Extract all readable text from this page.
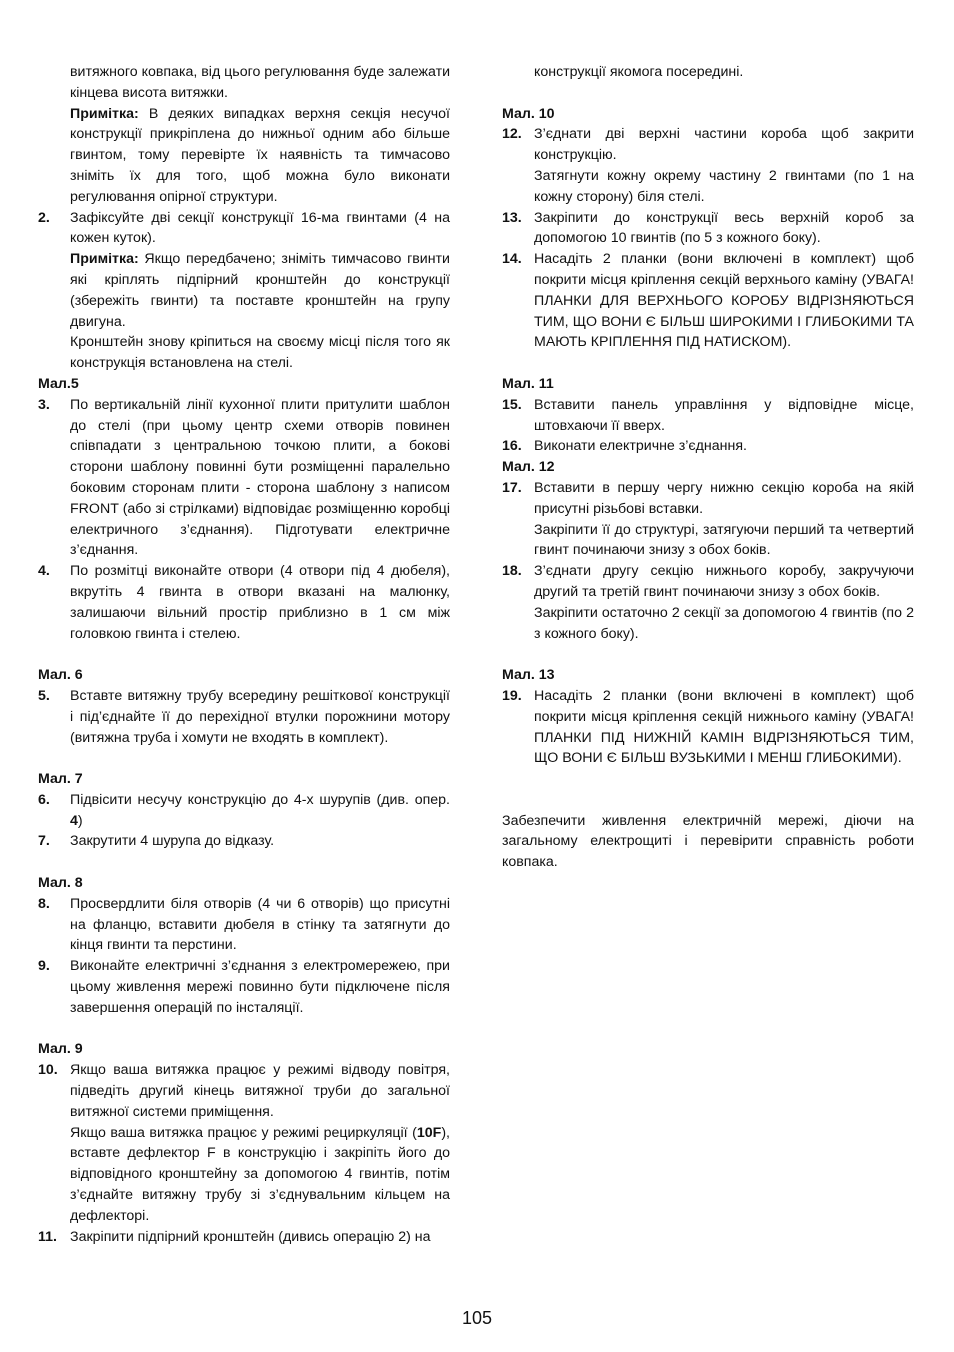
витяжного ковпака, від цього регулювання буде залежати кінцева висота витяжки.

Примітка: В деяких випадках верхня секція несучої конструкції прикріплена до нижньої одним або більше гвинтом, тому перевірте їх наявність та тимчасово зніміть їх для того, щоб можна було виконати регулювання опірної структури.

2. Зафіксуйте дві секції конструкції 16-ма гвинтами (4 на кожен куток).

Примітка: Якщо передбачено; зніміть тимчасово гвинти які кріплять підпірний кронштейн до конструкції (збережіть гвинти) та поставте кронштейн на групу двигуна.

Кронштейн знову кріпиться на своєму місці після того як конструкція встановлена на стелі.

Мал.5

3. По вертикальній лінії кухонної плити притулити шаблон до стелі (при цьому центр схеми отворів повинен співпадати з центральною точкою плити, а бокові сторони шаблону повинні бути розміщенні паралельно боковим сторонам плити - сторона шаблону з написом FRONT (або зі стрілками) відповідає розміщенню коробці електричного з’єднання). Підготувати електричне з’єднання.
4. По розмітці виконайте отвори (4 отвори під 4 дюбеля), вкрутіть 4 гвинта в отвори вказані на малюнку, залишаючи вільний простір приблизно в 1 см між головкою гвинта і стелею.

Мал. 6

5. Вставте витяжну трубу всередину решіткової конструкції і під’єднайте її до перехідної втулки порожнини мотору (витяжна труба і хомути не входять в комплект).

Мал. 7

6. Підвісити несучу конструкцію до 4-х шурупів (див. опер. 4)
7. Закрутити 4 шурупа до відказу.

Мал. 8

8. Просвердлити біля отворів (4 чи 6 отворів) що присутні на фланцю, вставити дюбеля в стінку та затягнути до кінця гвинти та перстини.
9. Виконайте електричні з’єднання з електромережею, при цьому живлення мережі повинно бути підключене після завершення операцій по інсталяції.

Мал. 9

10. Якщо ваша витяжка працює у режимі відводу повітря, підведіть другий кінець витяжної труби до загальної витяжної системи приміщення.

Якщо ваша витяжка працює у режимі рециркуляції (10F), вставте дефлектор F в конструкцію і закріпіть його до відповідного кронштейну за допомогою 4 гвинтів, потім з’єднайте витяжну трубу зі з’єднувальним кільцем на дефлекторі.

11. Закріпити підпірний кронштейн (дивись операцію 2) на

конструкції якомога посередині.

Мал. 10

12. З’єднати дві верхні частини короба щоб закрити конструкцію.

Затягнути кожну окрему частину 2 гвинтами (по 1 на кожну сторону) біля стелі.

13. Закріпити до конструкції весь верхній короб за допомогою 10 гвинтів (по 5 з кожного боку).
14. Насадіть 2 планки (вони включені в комплект) щоб покрити місця кріплення секцій верхнього каміну (УВАГА! ПЛАНКИ ДЛЯ ВЕРХНЬОГО КОРОБУ ВІДРІЗНЯЮТЬСЯ ТИМ, ЩО ВОНИ Є БІЛЬШ ШИРОКИМИ І ГЛИБОКИМИ ТА МАЮТЬ КРІПЛЕННЯ ПІД НАТИСКОМ).

Мал. 11

15. Вставити панель управління у відповідне місце, штовхаючи її вверх.
16. Виконати електричне з’єднання.

Мал. 12

17. Вставити в першу чергу нижню секцію короба на якій присутні різьбові вставки.

Закріпити її до структурі, затягуючи перший та четвертий гвинт починаючи знизу з обох боків.

18. З’єднати другу секцію нижнього коробу, закручуючи другий та третій гвинт починаючи знизу з обох боків.

Закріпити остаточно 2 секції за допомогою 4 гвинтів (по 2 з кожного боку).

Мал. 13

19. Насадіть 2 планки (вони включені в комплект) щоб покрити місця кріплення секцій нижнього каміну (УВАГА! ПЛАНКИ ПІД НИЖНІЙ КАМІН ВІДРІЗНЯЮТЬСЯ ТИМ, ЩО ВОНИ Є БІЛЬШ ВУЗЬКИМИ І МЕНШ ГЛИБОКИМИ).

Забезпечити живлення електричній мережі, діючи на загальному електрощиті і перевірити справність роботи ковпака.

105
